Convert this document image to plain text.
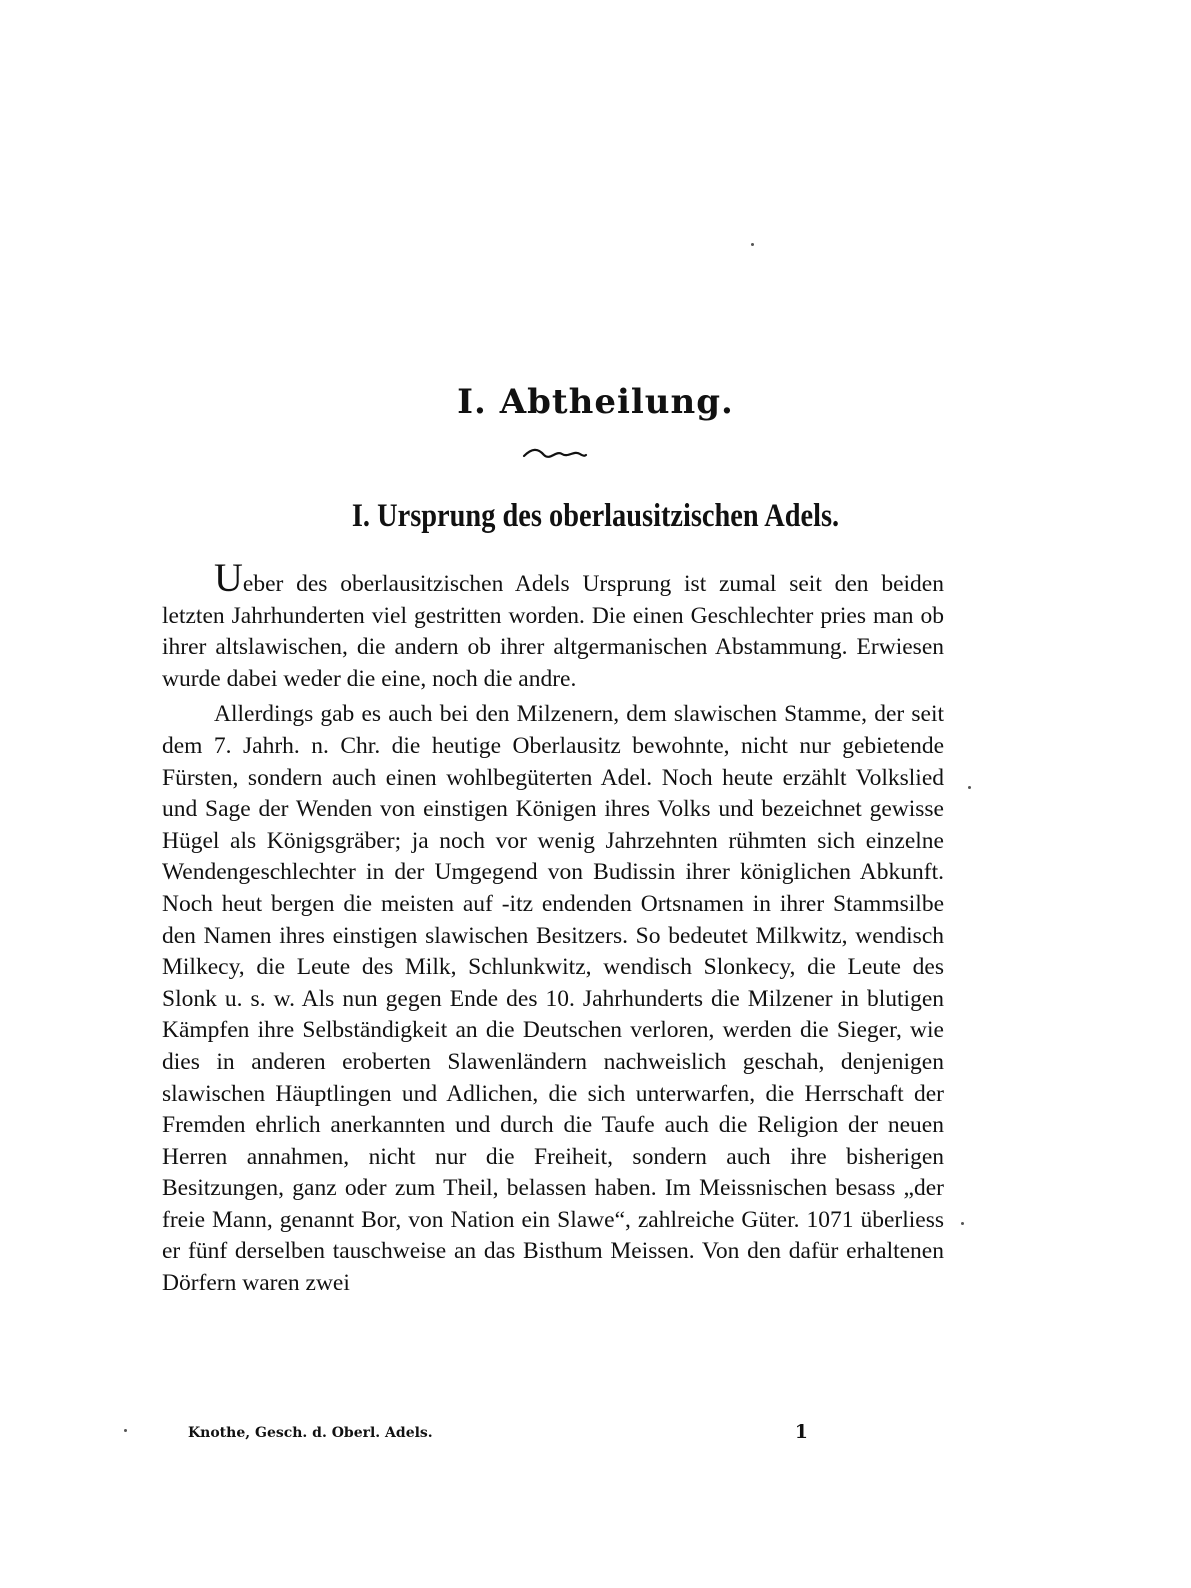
I. Abtheilung.
I. Ursprung des oberlausitzischen Adels.

Ueber des oberlausitzischen Adels Ursprung ist zumal seit den beiden letzten Jahrhunderten viel gestritten worden. Die einen Geschlechter pries man ob ihrer altslawischen, die andern ob ihrer altgermanischen Abstammung. Erwiesen wurde dabei weder die eine, noch die andre.

Allerdings gab es auch bei den Milzenern, dem slawischen Stamme, der seit dem 7. Jahrh. n. Chr. die heutige Oberlausitz bewohnte, nicht nur gebietende Fürsten, sondern auch einen wohlbegüterten Adel. Noch heute erzählt Volkslied und Sage der Wenden von einstigen Königen ihres Volks und bezeichnet gewisse Hügel als Königsgräber; ja noch vor wenig Jahrzehnten rühmten sich einzelne Wendengeschlechter in der Umgegend von Budissin ihrer königlichen Abkunft. Noch heut bergen die meisten auf -itz endenden Ortsnamen in ihrer Stammsilbe den Namen ihres einstigen slawischen Besitzers. So bedeutet Milkwitz, wendisch Milkecy, die Leute des Milk, Schlunkwitz, wendisch Slonkecy, die Leute des Slonk u. s. w. Als nun gegen Ende des 10. Jahrhunderts die Milzener in blutigen Kämpfen ihre Selbständigkeit an die Deutschen verloren, werden die Sieger, wie dies in anderen eroberten Slawenländern nachweislich geschah, denjenigen slawischen Häuptlingen und Adlichen, die sich unterwarfen, die Herrschaft der Fremden ehrlich anerkannten und durch die Taufe auch die Religion der neuen Herren annahmen, nicht nur die Freiheit, sondern auch ihre bisherigen Besitzungen, ganz oder zum Theil, belassen haben. Im Meissnischen besass „der freie Mann, genannt Bor, von Nation ein Slawe“, zahlreiche Güter. 1071 überliess er fünf derselben tauschweise an das Bisthum Meissen. Von den dafür erhaltenen Dörfern waren zwei

Knothe, Gesch. d. Oberl. Adels.	1
